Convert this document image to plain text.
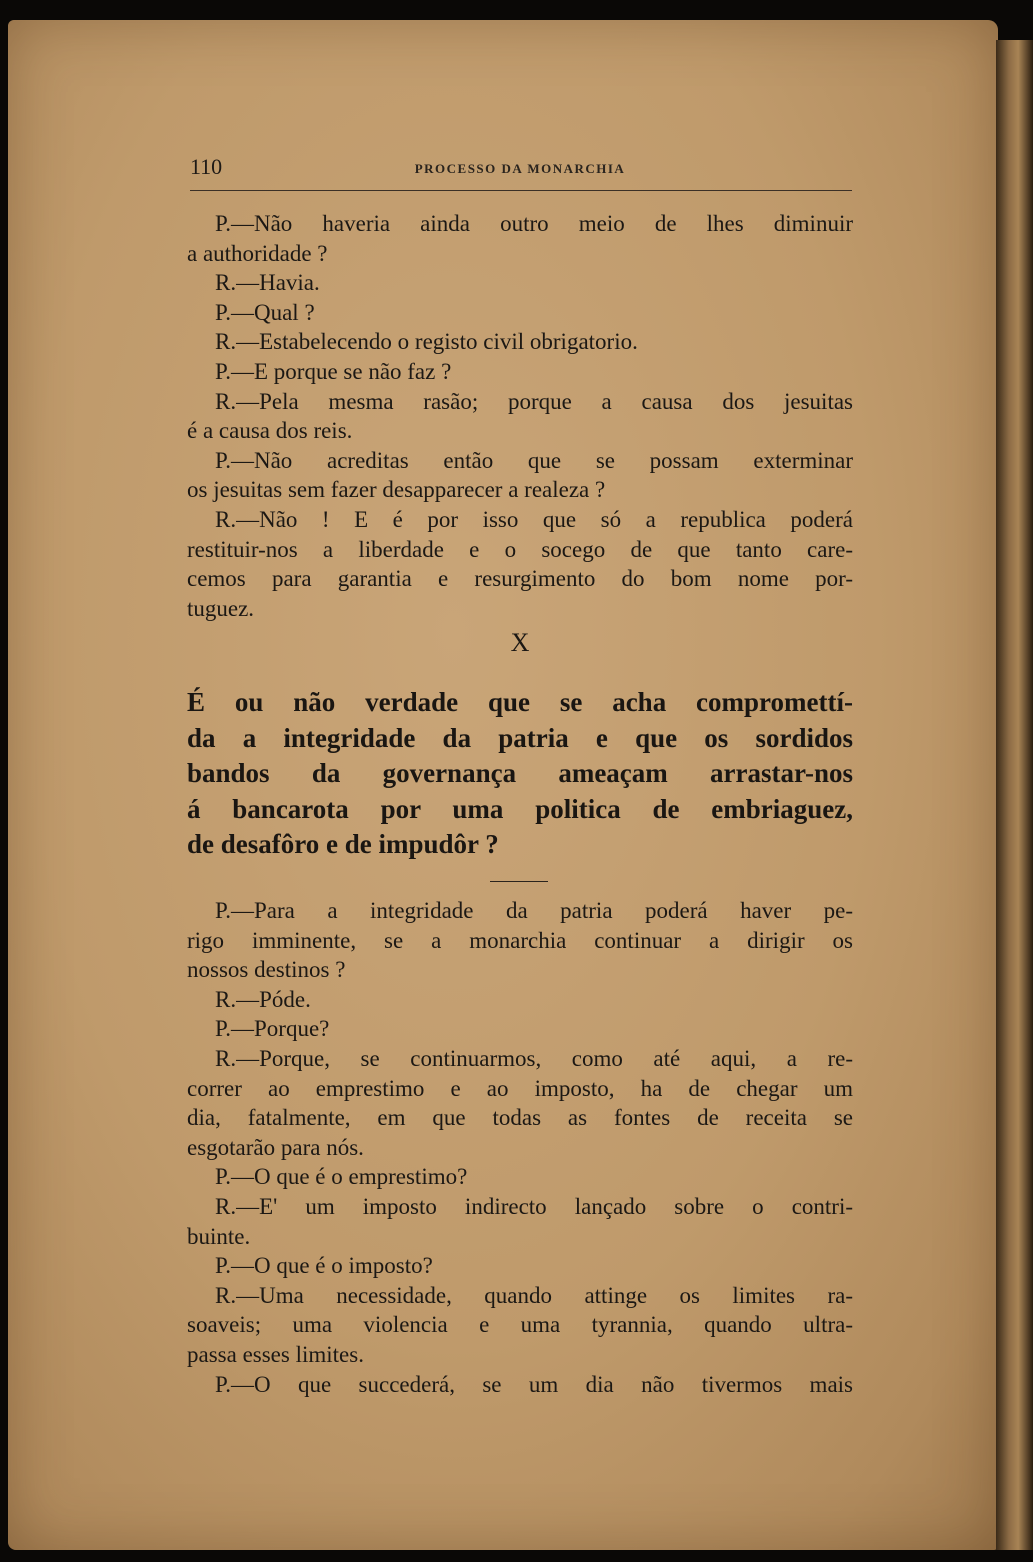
110	PROCESSO DA MONARCHIA
P.—Não haveria ainda outro meio de lhes diminuir
a authoridade ?
R.—Havia.
P.—Qual ?
R.—Estabelecendo o registo civil obrigatorio.
P.—E porque se não faz ?
R.—Pela mesma rasão; porque a causa dos jesuitas
é a causa dos reis.
P.—Não acreditas então que se possam exterminar
os jesuitas sem fazer desapparecer a realeza ?
R.—Não ! E é por isso que só a republica poderá
restituir-nos a liberdade e o socego de que tanto care-
cemos para garantia e resurgimento do bom nome por-
tuguez.
X
É ou não verdade que se acha compromettí-
da a integridade da patria e que os sordidos
bandos da governança ameaçam arrastar-nos
á bancarota por uma politica de embriaguez,
de desafôro e de impudôr ?
P.—Para a integridade da patria poderá haver pe-
rigo imminente, se a monarchia continuar a dirigir os
nossos destinos ?
R.—Póde.
P.—Porque?
R.—Porque, se continuarmos, como até aqui, a re-
correr ao emprestimo e ao imposto, ha de chegar um
dia, fatalmente, em que todas as fontes de receita se
esgotarão para nós.
P.—O que é o emprestimo?
R.—E' um imposto indirecto lançado sobre o contri-
buinte.
P.—O que é o imposto?
R.—Uma necessidade, quando attinge os limites ra-
soaveis; uma violencia e uma tyrannia, quando ultra-
passa esses limites.
P.—O que succederá, se um dia não tivermos mais
